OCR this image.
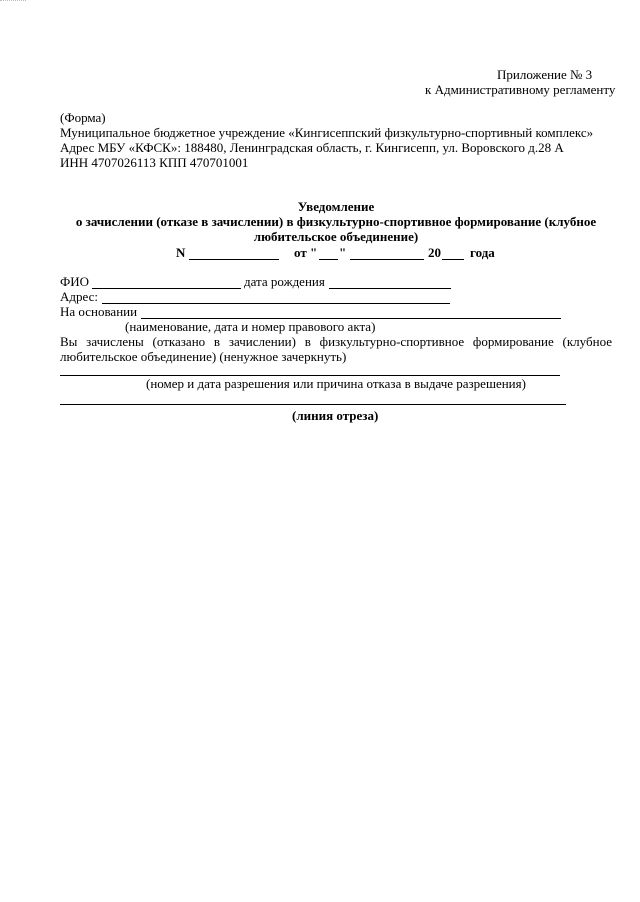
Приложение № 3
к Административному регламенту
(Форма)
Муниципальное бюджетное учреждение «Кингисеппский физкультурно-спортивный комплекс»
Адрес МБУ «КФСК»: 188480, Ленинградская область, г. Кингисепп, ул. Воровского д.28 А
ИНН 4707026113 КПП 470701001
Уведомление
о зачислении (отказе в зачислении) в физкультурно-спортивное формирование (клубное
любительское объединение)
N	от " "	20 года
ФИО	дата рождения
Адрес:
На основании
(наименование, дата и номер правового акта)
Вы зачислены (отказано в зачислении) в физкультурно-спортивное формирование (клубное любительское объединение) (ненужное зачеркнуть)
(номер и дата разрешения или причина отказа в выдаче разрешения)
(линия отреза)
